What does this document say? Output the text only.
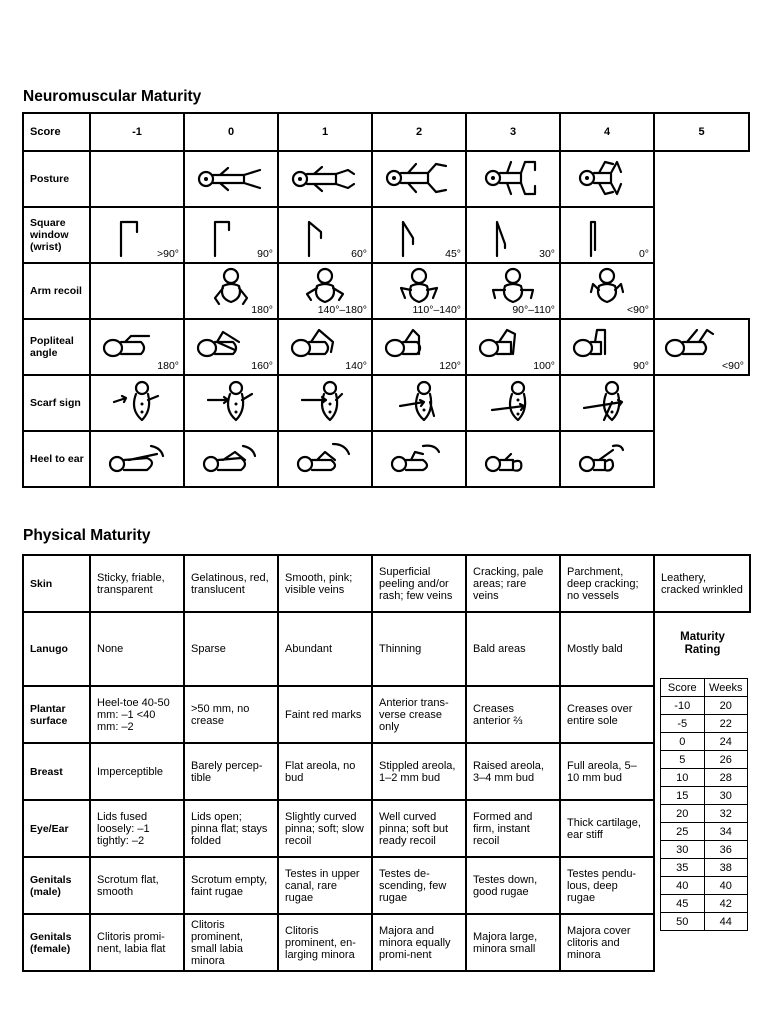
Neuromuscular Maturity
Score	-1	0	1	2	3	4	5
Posture		

Square window (wrist)	>90°	90°	60°	45°	30°	0°	

Arm recoil		180°	140°–180°	110°–140°	90°–110°	<90°	

Popliteal angle	180°	160°	140°	120°	100°	90°	<90°

Scarf sign	

Heel to ear	

Physical Maturity
Skin	Sticky, friable, transparent	Gelatinous, red, translucent	Smooth, pink; visible veins	Superficial peeling and/or rash; few veins	Cracking, pale areas; rare veins	Parchment, deep cracking; no vessels	Leathery, cracked wrinkled
Lanugo	None	Sparse	Abundant	Thinning	Bald areas	Mostly bald	Maturity Rating

Plantar surface	Heel-toe 40-50 mm: –1 <40 mm: –2	>50 mm, no crease	Faint red marks	Anterior trans-verse crease only	Creases anterior ⅔	Creases over entire sole	
Breast	Imperceptible	Barely percep-tible	Flat areola, no bud	Stippled areola, 1–2 mm bud	Raised areola, 3–4 mm bud	Full areola, 5–10 mm bud	
Eye/Ear	Lids fused loosely: –1 tightly: –2	Lids open; pinna flat; stays folded	Slightly curved pinna; soft; slow recoil	Well curved pinna; soft but ready recoil	Formed and firm, instant recoil	Thick cartilage, ear stiff	
Genitals (male)	Scrotum flat, smooth	Scrotum empty, faint rugae	Testes in upper canal, rare rugae	Testes de-scending, few rugae	Testes down, good rugae	Testes pendu-lous, deep rugae	
Genitals (female)	Clitoris promi-nent, labia flat	Clitoris prominent, small labia minora	Clitoris prominent, en-larging minora	Majora and minora equally promi-nent	Majora large, minora small	Majora cover clitoris and minora	
Score	Weeks
-10	20
-5	22
0	24
5	26
10	28
15	30
20	32
25	34
30	36
35	38
40	40
45	42
50	44
